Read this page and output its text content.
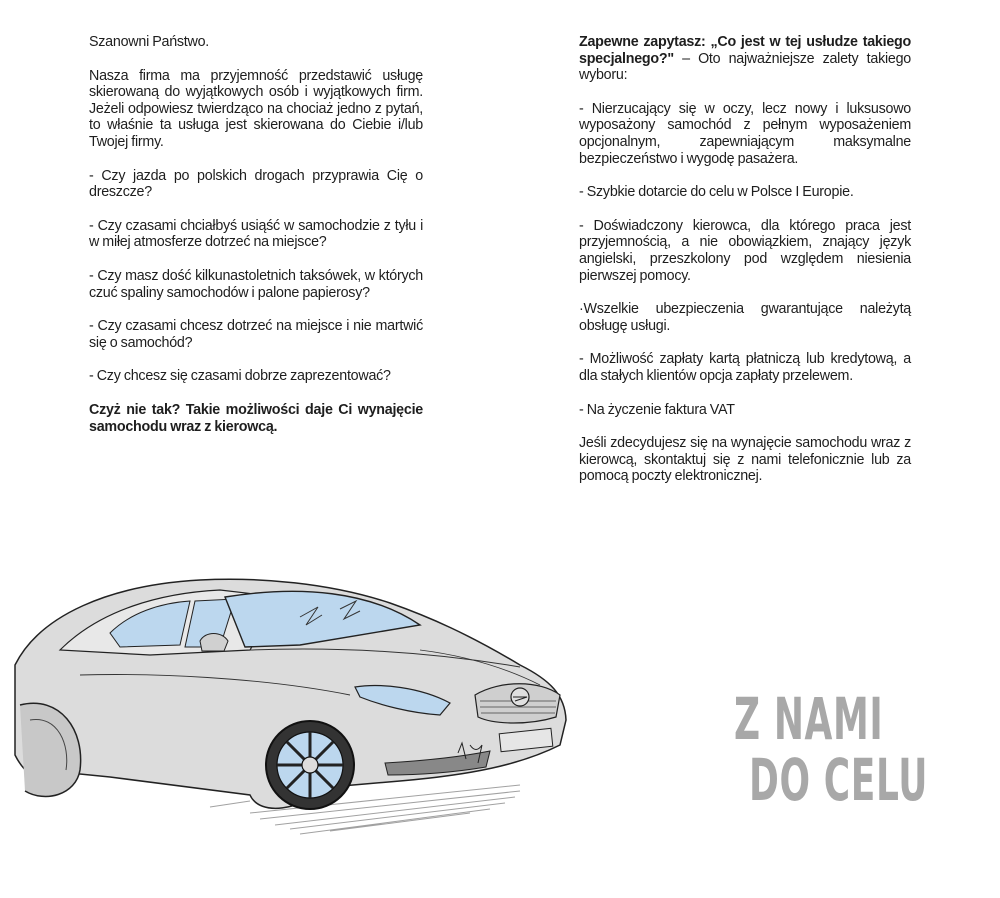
Szanowni Państwo.

Nasza firma ma przyjemność przedstawić usługę skierowaną do wyjątkowych osób i wyjątkowych firm. Jeżeli odpowiesz twierdząco na chociaż jedno z pytań, to właśnie ta usługa jest skierowana do Ciebie i/lub Twojej firmy.

- Czy jazda po polskich drogach przyprawia Cię o dreszcze?

- Czy czasami chciałbyś usiąść w samochodzie z tyłu i w miłej atmosferze dotrzeć na miejsce?

- Czy masz dość kilkunastoletnich taksówek, w których czuć spaliny samochodów i palone papierosy?

- Czy czasami chcesz dotrzeć na miejsce i nie martwić się o samochód?

- Czy chcesz się czasami dobrze zaprezentować?

Czyż nie tak? Takie możliwości daje Ci wynajęcie samochodu wraz z kierowcą.

Zapewne zapytasz: „Co jest w tej usłudze takiego specjalnego?" – Oto najważniejsze zalety takiego wyboru:

- Nierzucający się w oczy, lecz nowy i luksusowo wyposażony samochód z pełnym wyposażeniem opcjonalnym, zapewniającym maksymalne bezpieczeństwo i wygodę pasażera.

- Szybkie dotarcie do celu w Polsce I Europie.

- Doświadczony kierowca, dla którego praca jest przyjemnością, a nie obowiązkiem, znający język angielski, przeszkolony pod względem niesienia pierwszej pomocy.

·Wszelkie ubezpieczenia gwarantujące należytą obsługę usługi.

- Możliwość zapłaty kartą płatniczą lub kredytową, a dla stałych klientów opcja zapłaty przelewem.

- Na życzenie faktura VAT

Jeśli zdecydujesz się na wynajęcie samochodu wraz z kierowcą, skontaktuj się z nami telefonicznie lub za pomocą poczty elektronicznej.

Z NAMI
DO CELU
